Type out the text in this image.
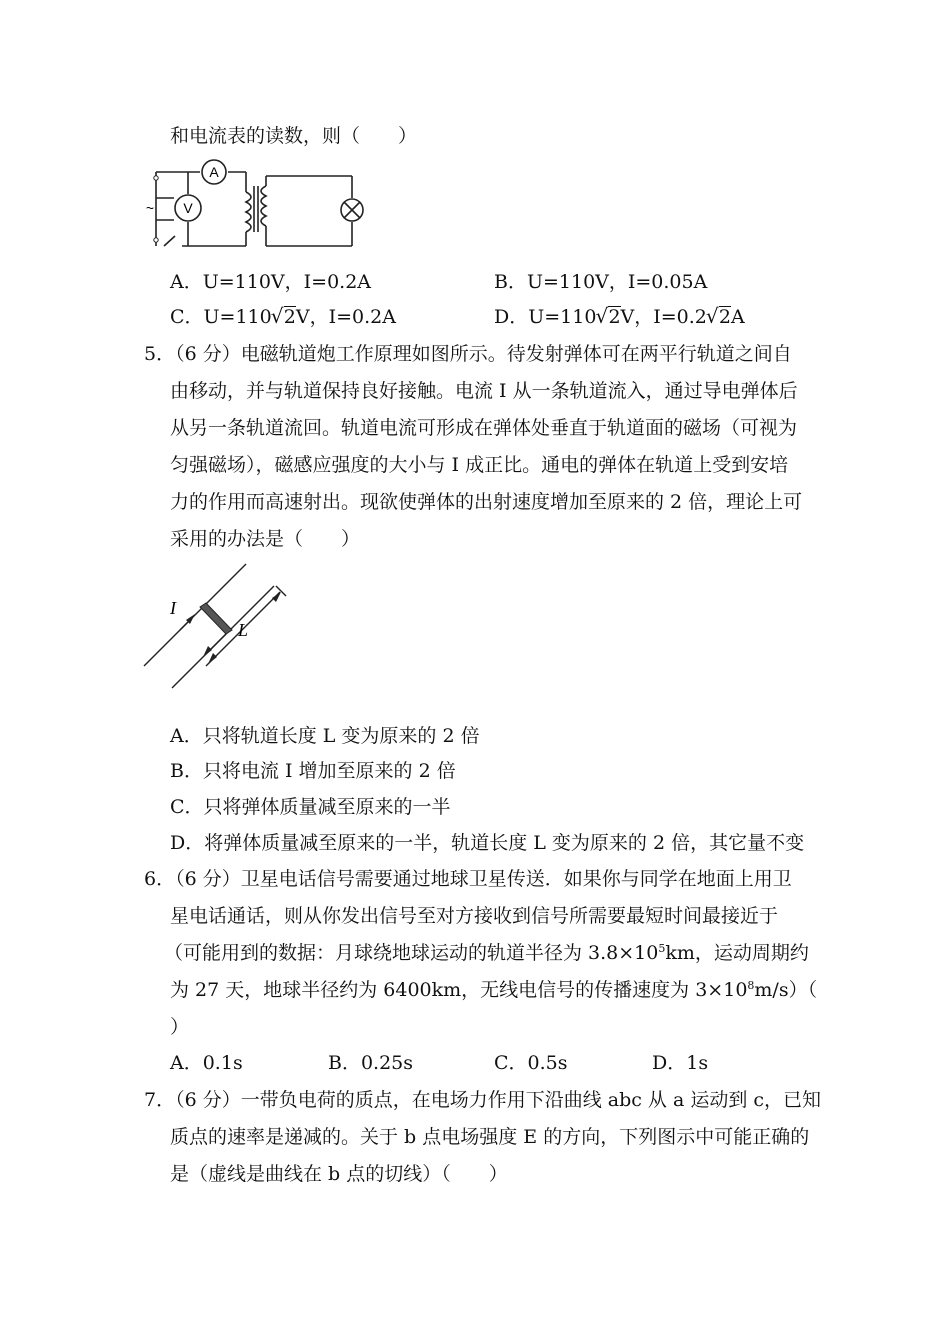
和电流表的读数，则（　　）
A
V
~
A．U=110V，I=0.2A	B．U=110V，I=0.05A
C．U=110 √ 2V，I=0.2A	D．U=110 √ 2V，I=0.2 √ 2A
5．（6 分）电磁轨道炮工作原理如图所示。待发射弹体可在两平行轨道之间自
由移动，并与轨道保持良好接触。电流 I 从一条轨道流入，通过导电弹体后
从另一条轨道流回。轨道电流可形成在弹体处垂直于轨道面的磁场（可视为
匀强磁场），磁感应强度的大小与 I 成正比。通电的弹体在轨道上受到安培
力的作用而高速射出。现欲使弹体的出射速度增加至原来的 2 倍，理论上可
采用的办法是（　　）
I
L
A．只将轨道长度 L 变为原来的 2 倍
B．只将电流 I 增加至原来的 2 倍
C．只将弹体质量减至原来的一半
D．将弹体质量减至原来的一半，轨道长度 L 变为原来的 2 倍，其它量不变
6．（6 分）卫星电话信号需要通过地球卫星传送．如果你与同学在地面上用卫
星电话通话，则从你发出信号至对方接收到信号所需要最短时间最接近于
（可能用到的数据：月球绕地球运动的轨道半径为 $3.8\times 10^5km$，运动周期约
为 27 天，地球半径约为 6400km，无线电信号的传播速度为 $3\times 10^8m/s$）（
）
A．0.1s	B．0.25s	C．0.5s	D．1s
7．（6 分）一带负电荷的质点，在电场力作用下沿曲线 abc 从 a 运动到 c，已知
质点的速率是递减的。关于 b 点电场强度 E 的方向，下列图示中可能正确的
是（虚线是曲线在 b 点的切线）（　　）
